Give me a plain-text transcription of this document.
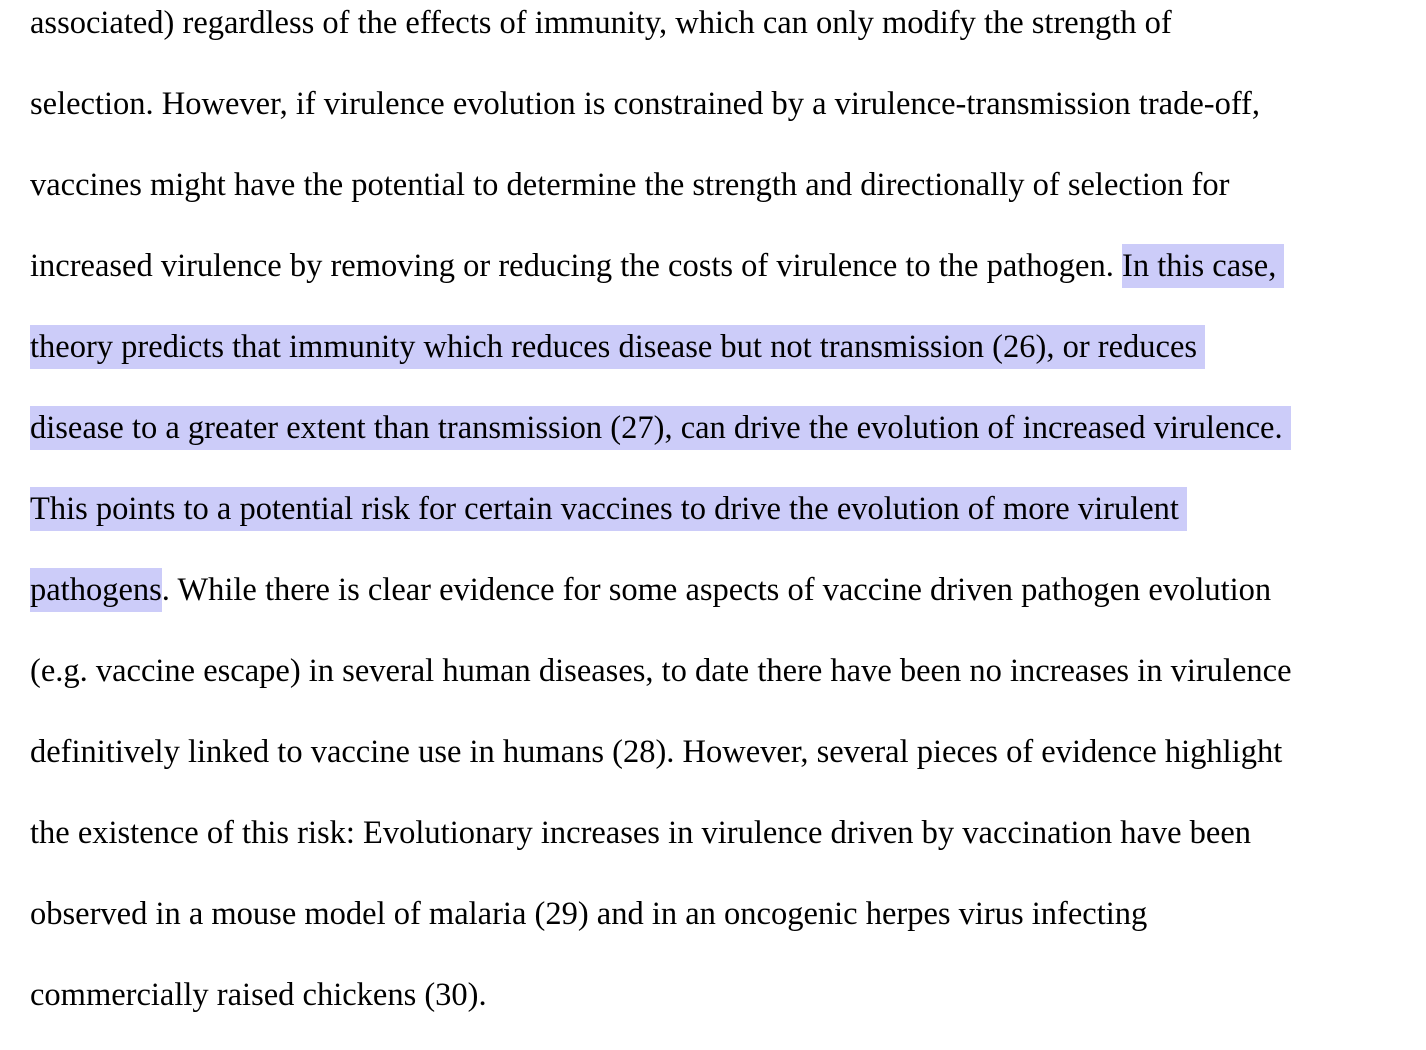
associated) regardless of the effects of immunity, which can only modify the strength of
selection. However, if virulence evolution is constrained by a virulence-transmission trade-off,
vaccines might have the potential to determine the strength and directionally of selection for
increased virulence by removing or reducing the costs of virulence to the pathogen. In this case,
theory predicts that immunity which reduces disease but not transmission (26), or reduces
disease to a greater extent than transmission (27), can drive the evolution of increased virulence.
This points to a potential risk for certain vaccines to drive the evolution of more virulent
pathogens . While there is clear evidence for some aspects of vaccine driven pathogen evolution
(e.g. vaccine escape) in several human diseases, to date there have been no increases in virulence
definitively linked to vaccine use in humans (28). However, several pieces of evidence highlight
the existence of this risk: Evolutionary increases in virulence driven by vaccination have been
observed in a mouse model of malaria (29) and in an oncogenic herpes virus infecting
commercially raised chickens (30).
